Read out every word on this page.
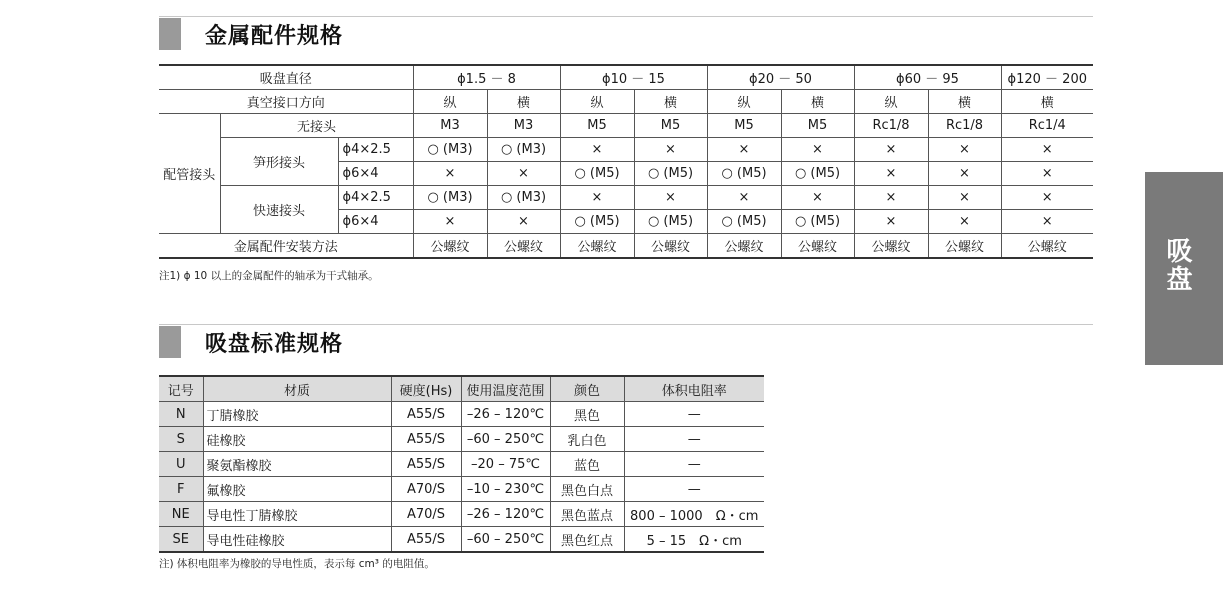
金属配件规格
吸盘直径			ϕ1.5 － 8		ϕ10 － 15		ϕ20 － 50		ϕ60 － 95		ϕ120 － 200
真空接口方向			纵	横	纵	横	纵	横	纵	横	横
配管接头	无接头		M3	M3	M5	M5	M5	M5	Rc1/8	Rc1/8	Rc1/4
	笋形接头	ϕ4×2.5	○ (M3)	○ (M3)	×	×	×	×	×	×	×
		ϕ6×4	×	×	○ (M5)	○ (M5)	○ (M5)	○ (M5)	×	×	×
	快速接头	ϕ4×2.5	○ (M3)	○ (M3)	×	×	×	×	×	×	×
		ϕ6×4	×	×	○ (M5)	○ (M5)	○ (M5)	○ (M5)	×	×	×
金属配件安装方法			公螺纹	公螺纹	公螺纹	公螺纹	公螺纹	公螺纹	公螺纹	公螺纹	公螺纹
注1) ϕ 10 以上的金属配件的轴承为干式轴承。
吸盘标准规格
记号	材质	硬度(Hs)	使用温度范围	颜色	体积电阻率
N	丁腈橡胶	A55/S	–26 – 120℃	黑色	—
S	硅橡胶	A55/S	–60 – 250℃	乳白色	—
U	聚氨酯橡胶	A55/S	–20 – 75℃	蓝色	—
F	氟橡胶	A70/S	–10 – 230℃	黑色白点	—
NE	导电性丁腈橡胶	A70/S	–26 – 120℃	黑色蓝点	800 – 1000　Ω・cm
SE	导电性硅橡胶	A55/S	–60 – 250℃	黑色红点	5 – 15　Ω・cm
注) 体积电阻率为橡胶的导电性质，表示每 cm³ 的电阻值。
吸盘
